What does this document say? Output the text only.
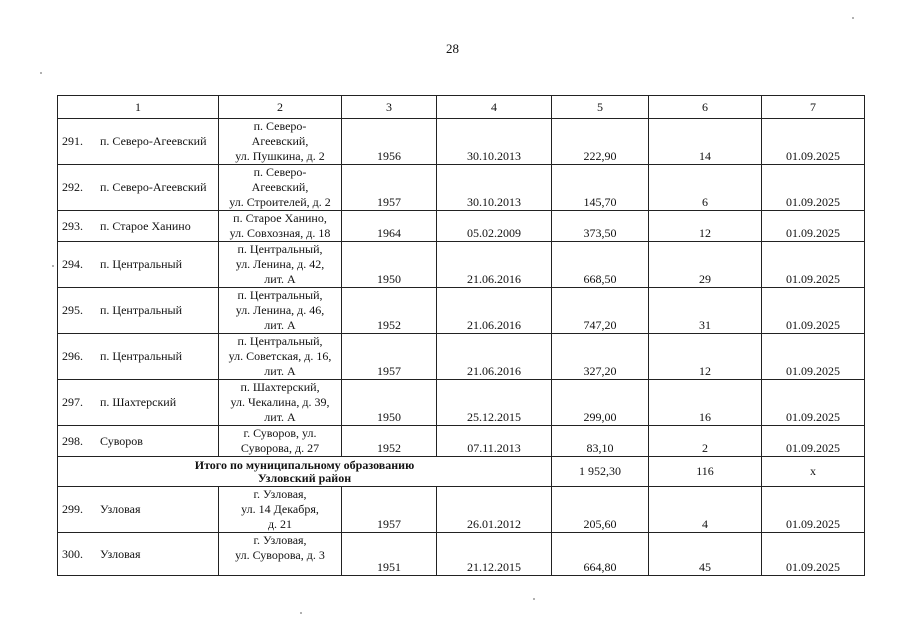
28
1	2	3	4	5	6	7
291. п. Северо-Агеевский	п. Северо-
Агеевский,
ул. Пушкина, д. 2	1956	30.10.2013	222,90	14	01.09.2025
292. п. Северо-Агеевский	п. Северо-
Агеевский,
ул. Строителей, д. 2	1957	30.10.2013	145,70	6	01.09.2025
293. п. Старое Ханино	п. Старое Ханино,
ул. Совхозная, д. 18	1964	05.02.2009	373,50	12	01.09.2025
294. п. Центральный	п. Центральный,
ул. Ленина, д. 42,
лит. А	1950	21.06.2016	668,50	29	01.09.2025
295. п. Центральный	п. Центральный,
ул. Ленина, д. 46,
лит. А	1952	21.06.2016	747,20	31	01.09.2025
296. п. Центральный	п. Центральный,
ул. Советская, д. 16,
лит. А	1957	21.06.2016	327,20	12	01.09.2025
297. п. Шахтерский	п. Шахтерский,
ул. Чекалина, д. 39,
лит. А	1950	25.12.2015	299,00	16	01.09.2025
298. Суворов	г. Суворов, ул.
Суворова, д. 27	1952	07.11.2013	83,10	2	01.09.2025

Итого по муниципальному образованию
Узловский район				1 952,30	116	x
299. Узловая	г. Узловая,
ул. 14 Декабря,
д. 21	1957	26.01.2012	205,60	4	01.09.2025
300. Узловая	г. Узловая,
ул. Суворова, д. 3	1951	21.12.2015	664,80	45	01.09.2025
